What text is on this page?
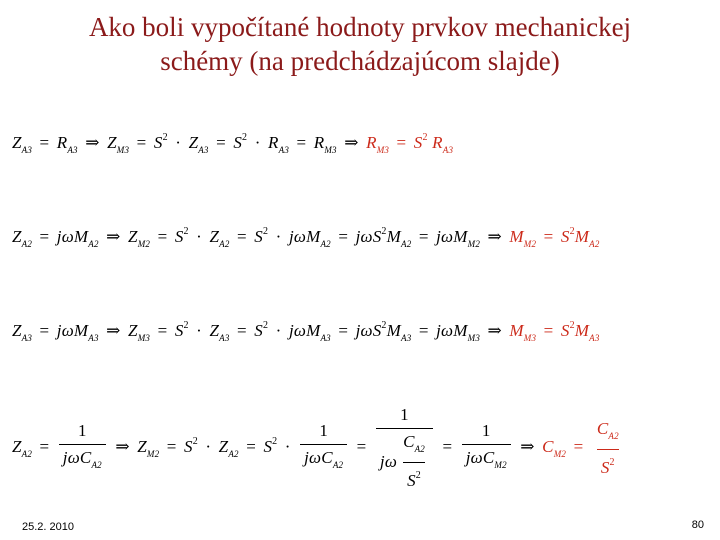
Ako boli vypočítané hodnoty prvkov mechanickej
schémy (na predchádzajúcom slajde)
$Z_{A3} = R_{A3}$ ⇒ $Z_{M3} = S^2 \cdot Z_{A3} = S^2 \cdot R_{A3} = R_{M3}$ ⇒ $R_{M3} = S^2$ $R_{A3}$
$Z_{A2} = j\omega M_{A2}$ ⇒ $Z_{M2} = S^2 \cdot Z_{A2} = S^2 \cdot j\omega M_{A2} = j\omega S^2M_{A2} = j\omega M_{M2}$ ⇒ $M_{M2} = S^2M_{A2}$
$Z_{A3} = j\omega M_{A3}$ ⇒ $Z_{M3} = S^2 \cdot Z_{A3} = S^2 \cdot j\omega M_{A3} = j\omega S^2M_{A3} = j\omega M_{M3}$ ⇒ $M_{M3} = S^2M_{A3}$
$Z_{A2} = \frac{1}{j\omega C_{A2}}$ ⇒ $Z_{M2} = S^2 \cdot Z_{A2} = S^2 \cdot \frac{1}{j\omega C_{A2}} = \frac{1}{j\omega \frac{C_{A2}}{S^2}} = \frac{1}{j\omega C_{M2}}$ ⇒ $C_{M2} = \frac{C_{A2}}{S^2}$
25.2. 2010	80
